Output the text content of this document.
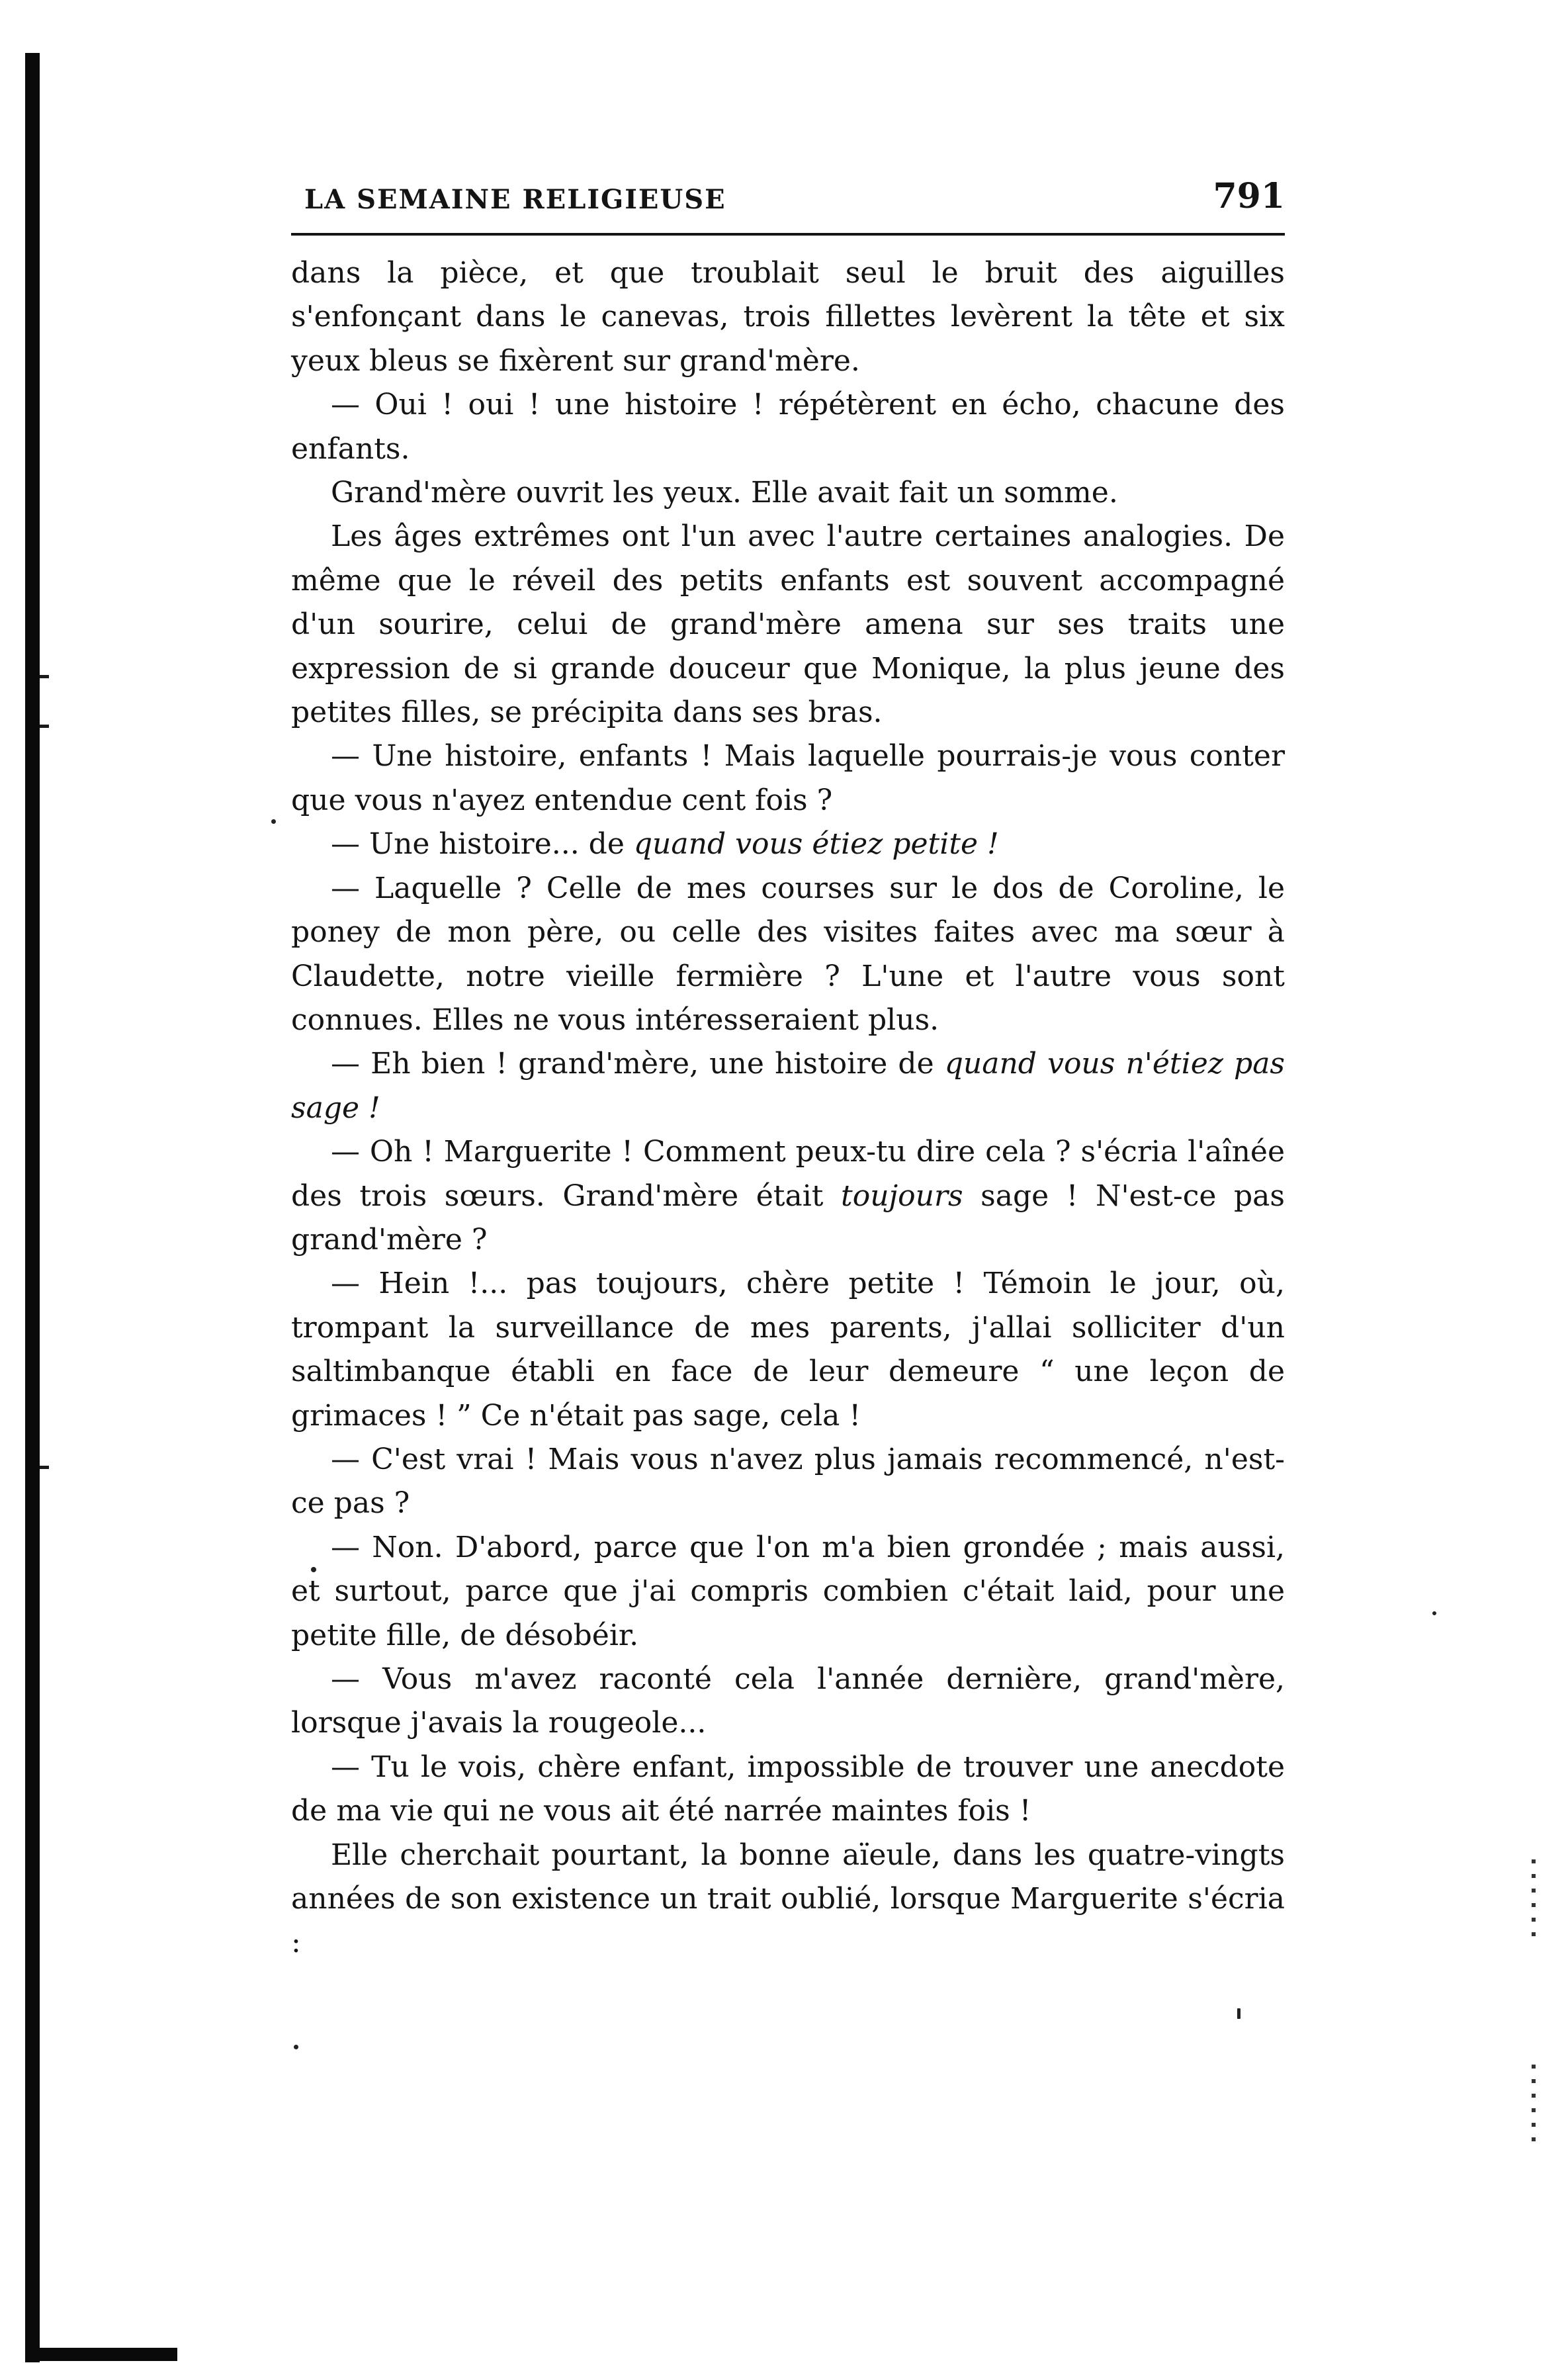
791
LA SEMAINE RELIGIEUSE

dans la pièce, et que troublait seul le bruit des aiguilles s'enfonçant dans le canevas, trois fillettes levèrent la tête et six yeux bleus se fixèrent sur grand'mère.

— Oui ! oui ! une histoire ! répétèrent en écho, chacune des enfants.

Grand'mère ouvrit les yeux. Elle avait fait un somme.

Les âges extrêmes ont l'un avec l'autre certaines analogies. De même que le réveil des petits enfants est souvent accompagné d'un sourire, celui de grand'mère amena sur ses traits une expression de si grande douceur que Monique, la plus jeune des petites filles, se précipita dans ses bras.

— Une histoire, enfants ! Mais laquelle pourrais-je vous conter que vous n'ayez entendue cent fois ?

— Une histoire... de quand vous étiez petite !

— Laquelle ? Celle de mes courses sur le dos de Coroline, le poney de mon père, ou celle des visites faites avec ma sœur à Claudette, notre vieille fermière ? L'une et l'autre vous sont connues. Elles ne vous intéresseraient plus.

— Eh bien ! grand'mère, une histoire de quand vous n'étiez pas sage !

— Oh ! Marguerite ! Comment peux-tu dire cela ? s'écria l'aînée des trois sœurs. Grand'mère était toujours sage ! N'est-ce pas grand'mère ?

— Hein !... pas toujours, chère petite ! Témoin le jour, où, trompant la surveillance de mes parents, j'allai solliciter d'un saltimbanque établi en face de leur demeure “ une leçon de grimaces ! ” Ce n'était pas sage, cela !

— C'est vrai ! Mais vous n'avez plus jamais recommencé, n'est-ce pas ?

— Non. D'abord, parce que l'on m'a bien grondée ; mais aussi, et surtout, parce que j'ai compris combien c'était laid, pour une petite fille, de désobéir.

— Vous m'avez raconté cela l'année dernière, grand'mère, lorsque j'avais la rougeole...

— Tu le vois, chère enfant, impossible de trouver une anecdote de ma vie qui ne vous ait été narrée maintes fois !

Elle cherchait pourtant, la bonne aïeule, dans les quatre-vingts années de son existence un trait oublié, lorsque Marguerite s'écria :
